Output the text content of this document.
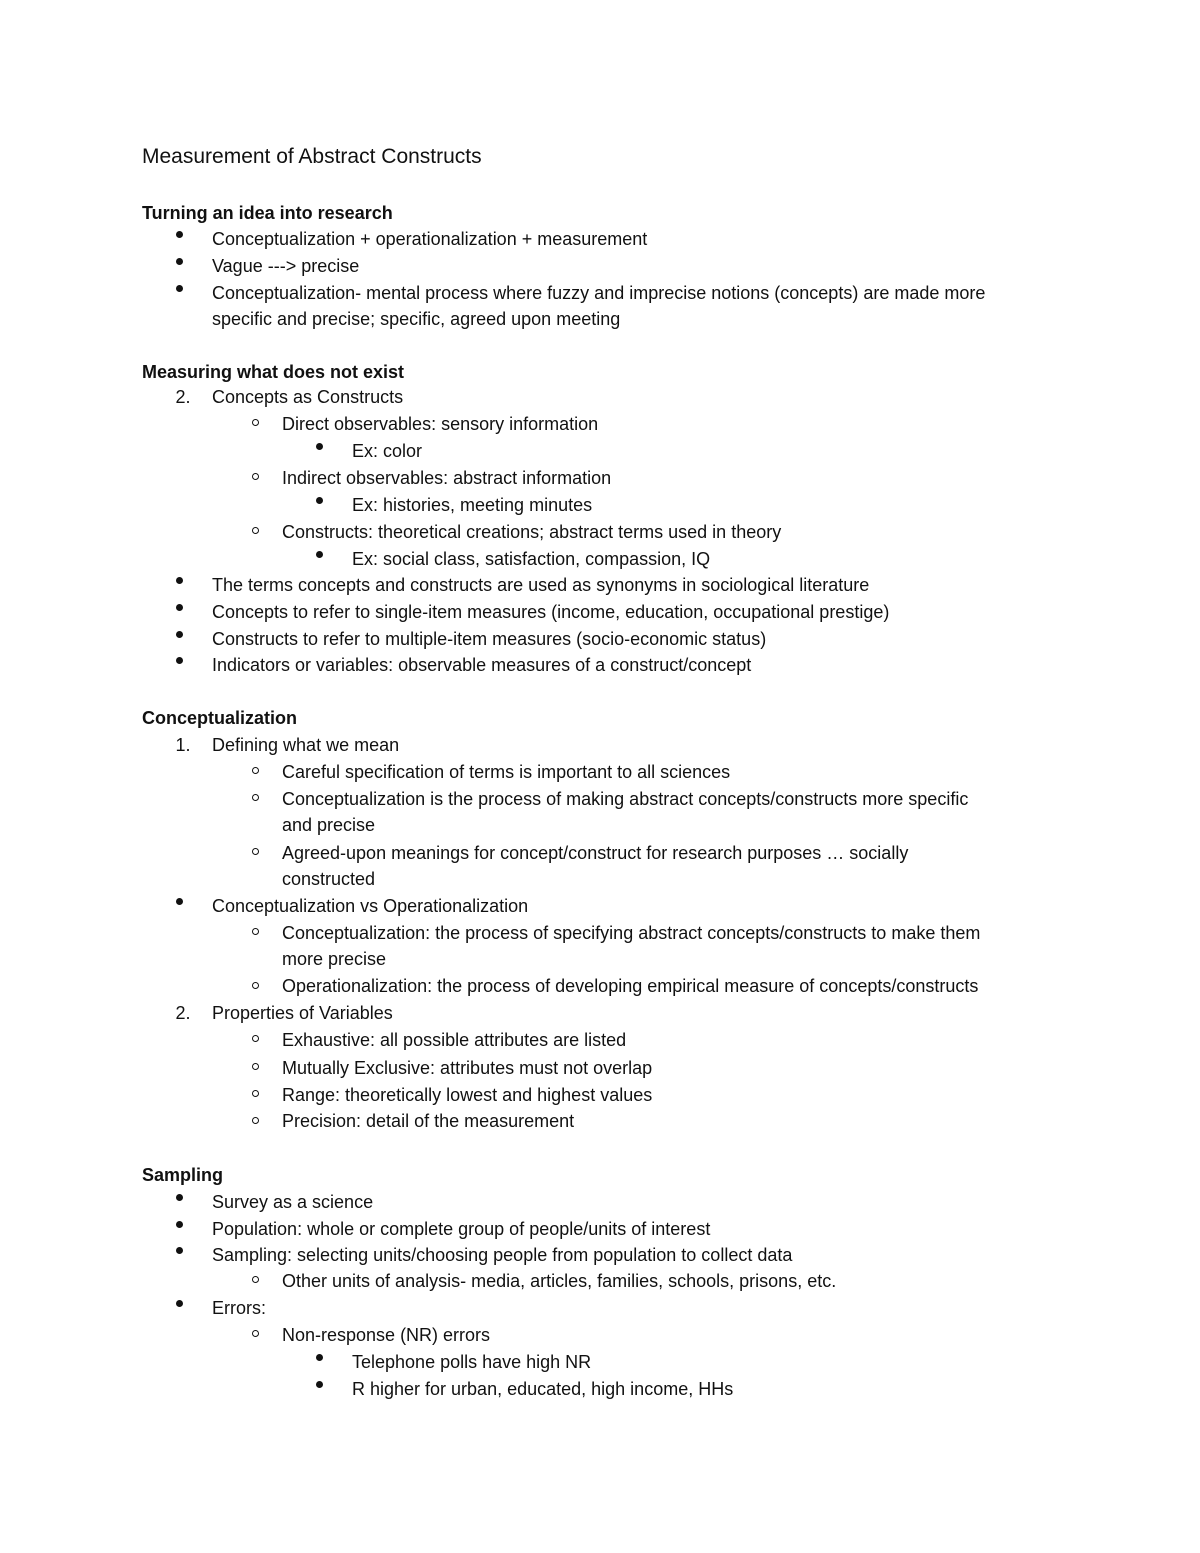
Measurement of Abstract Constructs
Turning an idea into research
Conceptualization + operationalization + measurement
Vague ---> precise
Conceptualization- mental process where fuzzy and imprecise notions (concepts) are made more
specific and precise; specific, agreed upon meeting
Measuring what does not exist
2.	Concepts as Constructs
Direct observables: sensory information
Ex: color
Indirect observables: abstract information
Ex: histories, meeting minutes
Constructs: theoretical creations; abstract terms used in theory
Ex: social class, satisfaction, compassion, IQ
The terms concepts and constructs are used as synonyms in sociological literature
Concepts to refer to single-item measures (income, education, occupational prestige)
Constructs to refer to multiple-item measures (socio-economic status)
Indicators or variables: observable measures of a construct/concept
Conceptualization
1.	Defining what we mean
Careful specification of terms is important to all sciences
Conceptualization is the process of making abstract concepts/constructs more specific
and precise
Agreed-upon meanings for concept/construct for research purposes … socially
constructed
Conceptualization vs Operationalization
Conceptualization: the process of specifying abstract concepts/constructs to make them
more precise
Operationalization: the process of developing empirical measure of concepts/constructs
2.	Properties of Variables
Exhaustive: all possible attributes are listed
Mutually Exclusive: attributes must not overlap
Range: theoretically lowest and highest values
Precision: detail of the measurement
Sampling
Survey as a science
Population: whole or complete group of people/units of interest
Sampling: selecting units/choosing people from population to collect data
Other units of analysis- media, articles, families, schools, prisons, etc.
Errors:
Non-response (NR) errors
Telephone polls have high NR
R higher for urban, educated, high income, HHs
